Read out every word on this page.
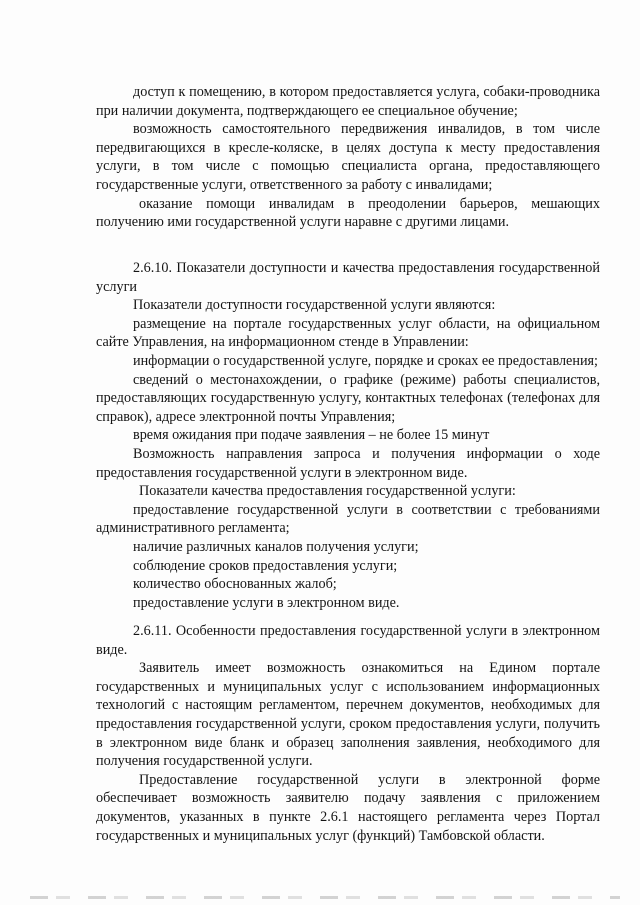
доступ к помещению, в котором предоставляется услуга, собаки-проводника при наличии документа, подтверждающего ее специальное обучение;

возможность самостоятельного передвижения инвалидов, в том числе передвигающихся в кресле-коляске, в целях доступа к месту предоставления услуги, в том числе с помощью специалиста органа, предоставляющего государственные услуги, ответственного за работу с инвалидами;

оказание помощи инвалидам в преодолении барьеров, мешающих получению ими государственной услуги наравне с другими лицами.

2.6.10. Показатели доступности и качества предоставления государственной услуги

Показатели доступности государственной услуги являются:

размещение на портале государственных услуг области, на официальном сайте Управления, на информационном стенде в Управлении:

информации о государственной услуге, порядке и сроках ее предоставления;

сведений о местонахождении, о графике (режиме) работы специалистов, предоставляющих государственную услугу, контактных телефонах (телефонах для справок), адресе электронной почты Управления;

время ожидания при подаче заявления – не более 15 минут

Возможность направления запроса и получения информации о ходе предоставления государственной услуги в электронном виде.

Показатели качества предоставления государственной услуги:

предоставление государственной услуги в соответствии с требованиями административного регламента;

наличие различных каналов получения услуги;

соблюдение сроков предоставления услуги;

количество обоснованных жалоб;

предоставление услуги в электронном виде.

2.6.11. Особенности предоставления государственной услуги в электронном виде.

Заявитель имеет возможность ознакомиться на Едином портале государственных и муниципальных услуг с использованием информационных технологий с настоящим регламентом, перечнем документов, необходимых для предоставления государственной услуги, сроком предоставления услуги, получить в электронном виде бланк и образец заполнения заявления, необходимого для получения государственной услуги.

Предоставление государственной услуги в электронной форме обеспечивает возможность заявителю подачу заявления с приложением документов, указанных в пункте 2.6.1 настоящего регламента через Портал государственных и муниципальных услуг (функций) Тамбовской области.
